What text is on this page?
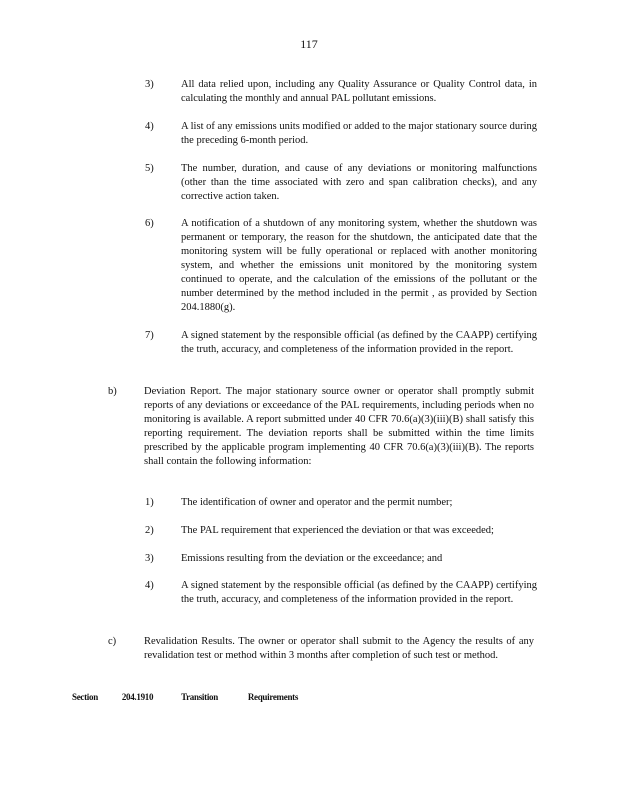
117
3)	All data relied upon, including any Quality Assurance or Quality Control data, in calculating the monthly and annual PAL pollutant emissions.
4)	A list of any emissions units modified or added to the major stationary source during the preceding 6-month period.
5)	The number, duration, and cause of any deviations or monitoring malfunctions (other than the time associated with zero and span calibration checks), and any corrective action taken.
6)	A notification of a shutdown of any monitoring system, whether the shutdown was permanent or temporary, the reason for the shutdown, the anticipated date that the monitoring system will be fully operational or replaced with another monitoring system, and whether the emissions unit monitored by the monitoring system continued to operate, and the calculation of the emissions of the pollutant or the number determined by the method included in the permit , as provided by Section 204.1880(g).
7)	A signed statement by the responsible official (as defined by the CAAPP) certifying the truth, accuracy, and completeness of the information provided in the report.
b)	Deviation Report. The major stationary source owner or operator shall promptly submit reports of any deviations or exceedance of the PAL requirements, including periods when no monitoring is available. A report submitted under 40 CFR 70.6(a)(3)(iii)(B) shall satisfy this reporting requirement. The deviation reports shall be submitted within the time limits prescribed by the applicable program implementing 40 CFR 70.6(a)(3)(iii)(B). The reports shall contain the following information:
1)	The identification of owner and operator and the permit number;
2)	The PAL requirement that experienced the deviation or that was exceeded;
3)	Emissions resulting from the deviation or the exceedance; and
4)	A signed statement by the responsible official (as defined by the CAAPP) certifying the truth, accuracy, and completeness of the information provided in the report.
c)	Revalidation Results. The owner or operator shall submit to the Agency the results of any revalidation test or method within 3 months after completion of such test or method.
Section	204.1910	Transition	Requirements
